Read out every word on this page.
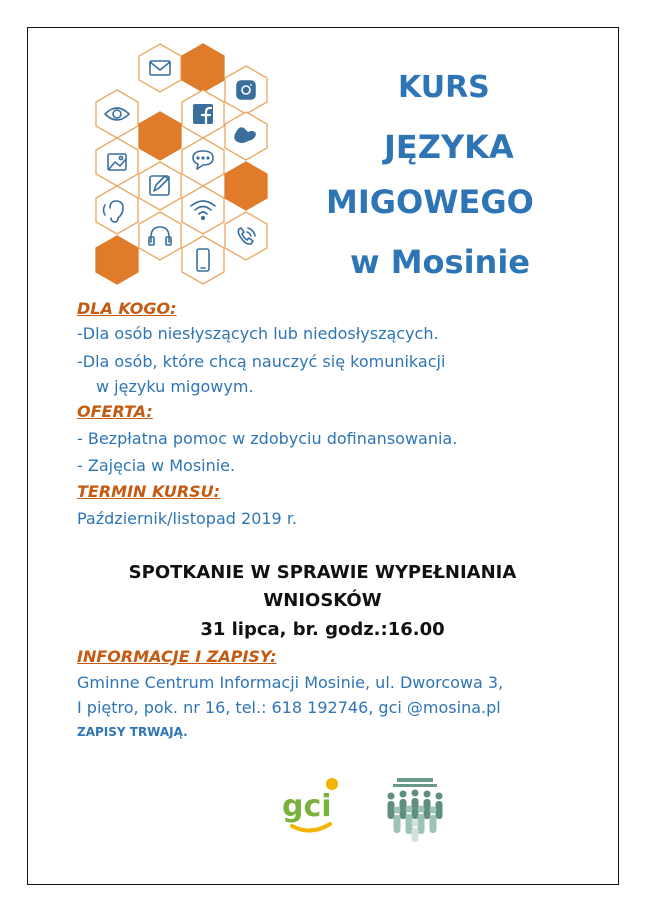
KURS
JĘZYKA
MIGOWEGO
w Mosinie
DLA KOGO:
-Dla osób niesłyszących lub niedosłyszących.
-Dla osób, które chcą nauczyć się komunikacji
w języku migowym.
OFERTA:
- Bezpłatna pomoc w zdobyciu dofinansowania.
- Zajęcia w Mosinie.
TERMIN KURSU:
Październik/listopad 2019 r.
SPOTKANIE W SPRAWIE WYPEŁNIANIA
WNIOSKÓW
31 lipca, br. godz.:16.00
INFORMACJE I ZAPISY:
Gminne Centrum Informacji Mosinie, ul. Dworcowa 3,
I piętro, pok. nr 16, tel.: 618 192746, gci @mosina.pl
ZAPISY TRWAJĄ.
gci
